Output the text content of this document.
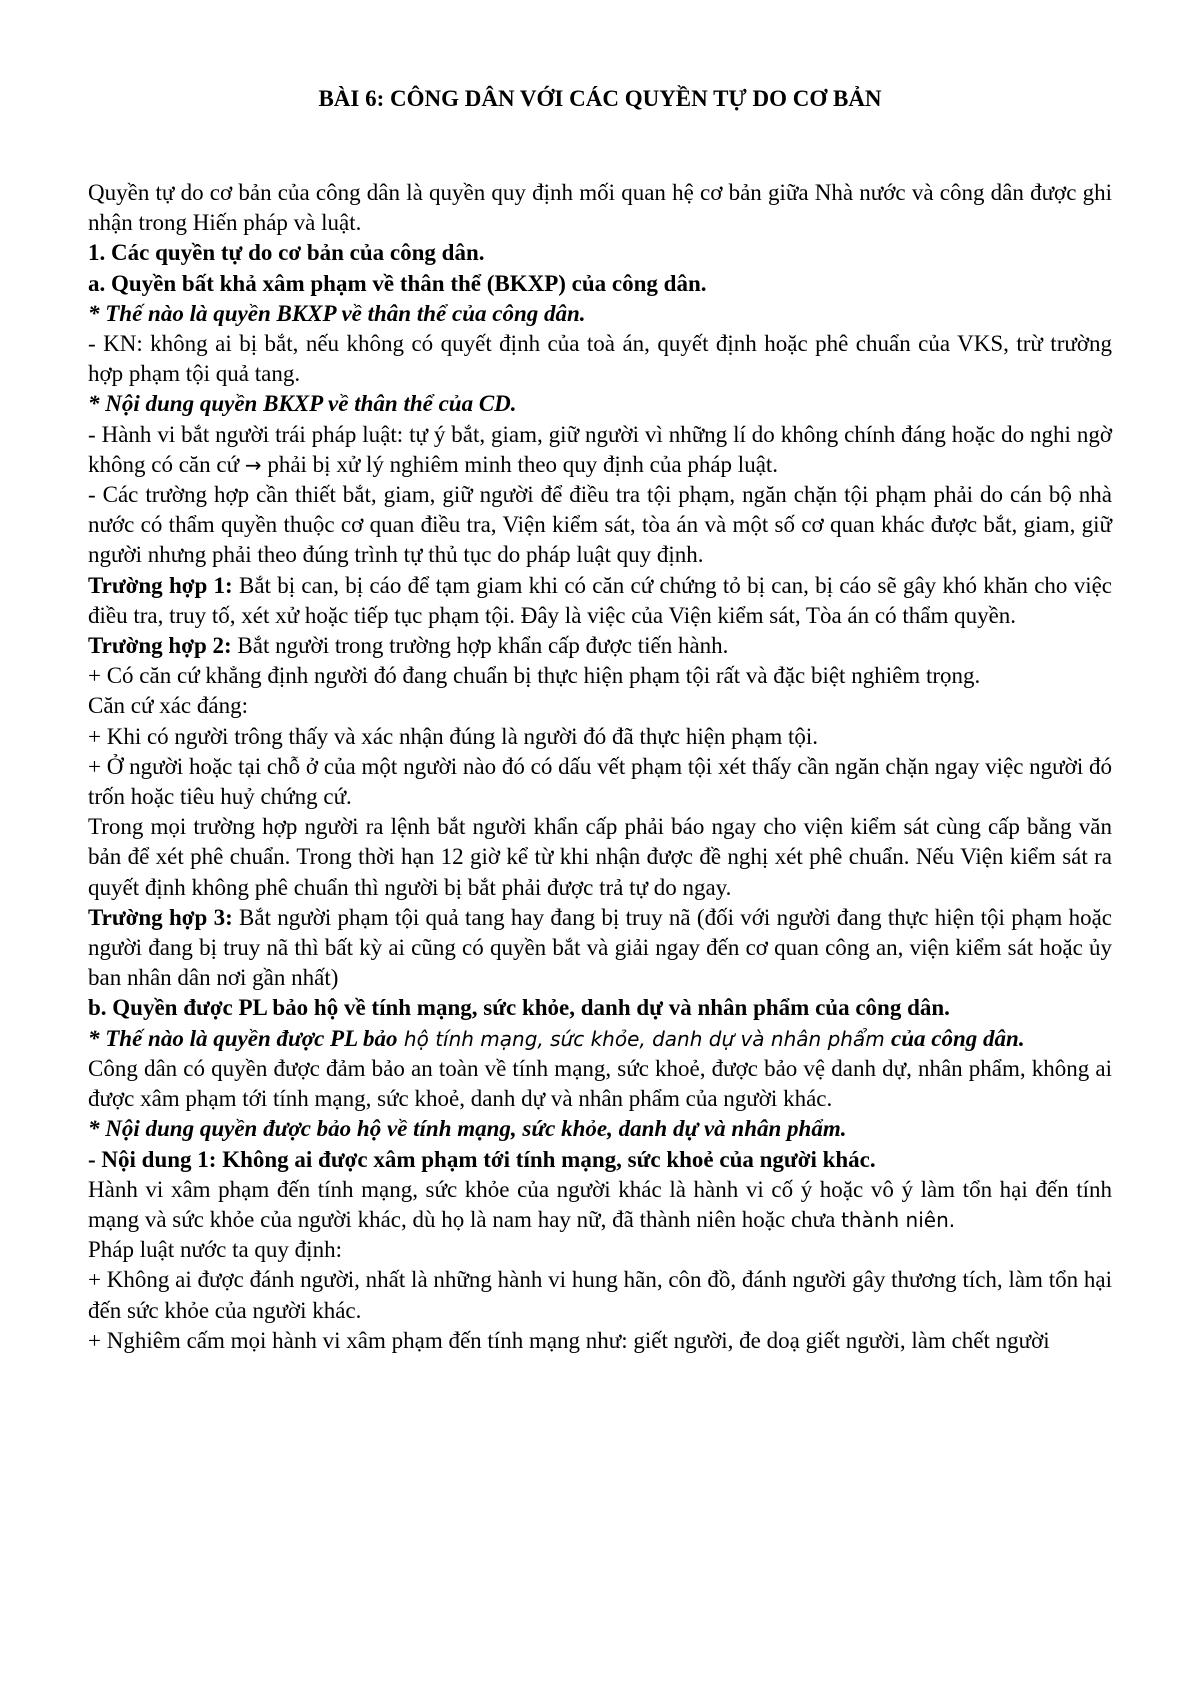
BÀI 6: CÔNG DÂN VỚI CÁC QUYỀN TỰ DO CƠ BẢN

Quyền tự do cơ bản của công dân là quyền quy định mối quan hệ cơ bản giữa Nhà nước và công dân được ghi nhận trong Hiến pháp và luật.

1. Các quyền tự do cơ bản của công dân.

a. Quyền bất khả xâm phạm về thân thể (BKXP) của công dân.

* Thế nào là quyền BKXP về thân thể của công dân.

- KN: không ai bị bắt, nếu không có quyết định của toà án, quyết định hoặc phê chuẩn của VKS, trừ trường hợp phạm tội quả tang.

* Nội dung quyền BKXP về thân thể của CD.

- Hành vi bắt người trái pháp luật: tự ý bắt, giam, giữ người vì những lí do không chính đáng hoặc do nghi ngờ không có căn cứ → phải bị xử lý nghiêm minh theo quy định của pháp luật.

- Các trường hợp cần thiết bắt, giam, giữ người để điều tra tội phạm, ngăn chặn tội phạm phải do cán bộ nhà nước có thẩm quyền thuộc cơ quan điều tra, Viện kiểm sát, tòa án và một số cơ quan khác được bắt, giam, giữ người nhưng phải theo đúng trình tự thủ tục do pháp luật quy định.

Trường hợp 1: Bắt bị can, bị cáo để tạm giam khi có căn cứ chứng tỏ bị can, bị cáo sẽ gây khó khăn cho việc điều tra, truy tố, xét xử hoặc tiếp tục phạm tội. Đây là việc của Viện kiểm sát, Tòa án có thẩm quyền.

Trường hợp 2: Bắt người trong trường hợp khẩn cấp được tiến hành.

+ Có căn cứ khẳng định người đó đang chuẩn bị thực hiện phạm tội rất và đặc biệt nghiêm trọng.

Căn cứ xác đáng:

+ Khi có người trông thấy và xác nhận đúng là người đó đã thực hiện phạm tội.

+ Ở người hoặc tại chỗ ở của một người nào đó có dấu vết phạm tội xét thấy cần ngăn chặn ngay việc người đó trốn hoặc tiêu huỷ chứng cứ.

Trong mọi trường hợp người ra lệnh bắt người khẩn cấp phải báo ngay cho viện kiểm sát cùng cấp bằng văn bản để xét phê chuẩn. Trong thời hạn 12 giờ kể từ khi nhận được đề nghị xét phê chuẩn. Nếu Viện kiểm sát ra quyết định không phê chuẩn thì người bị bắt phải được trả tự do ngay.

Trường hợp 3: Bắt người phạm tội quả tang hay đang bị truy nã (đối với người đang thực hiện tội phạm hoặc người đang bị truy nã thì bất kỳ ai cũng có quyền bắt và giải ngay đến cơ quan công an, viện kiểm sát hoặc ủy ban nhân dân nơi gần nhất)

b. Quyền được PL bảo hộ về tính mạng, sức khỏe, danh dự và nhân phẩm của công dân.

* Thế nào là quyền được PL bảo hộ tính mạng, sức khỏe, danh dự và nhân phẩm của công dân.

Công dân có quyền được đảm bảo an toàn về tính mạng, sức khoẻ, được bảo vệ danh dự, nhân phẩm, không ai được xâm phạm tới tính mạng, sức khoẻ, danh dự và nhân phẩm của người khác.

* Nội dung quyền được bảo hộ về tính mạng, sức khỏe, danh dự và nhân phẩm.

- Nội dung 1: Không ai được xâm phạm tới tính mạng, sức khoẻ của người khác.

Hành vi xâm phạm đến tính mạng, sức khỏe của người khác là hành vi cố ý hoặc vô ý làm tổn hại đến tính mạng và sức khỏe của người khác, dù họ là nam hay nữ, đã thành niên hoặc chưa thành niên.

Pháp luật nước ta quy định:

+ Không ai được đánh người, nhất là những hành vi hung hãn, côn đồ, đánh người gây thương tích, làm tổn hại đến sức khỏe của người khác.

+ Nghiêm cấm mọi hành vi xâm phạm đến tính mạng như: giết người, đe doạ giết người, làm chết người
